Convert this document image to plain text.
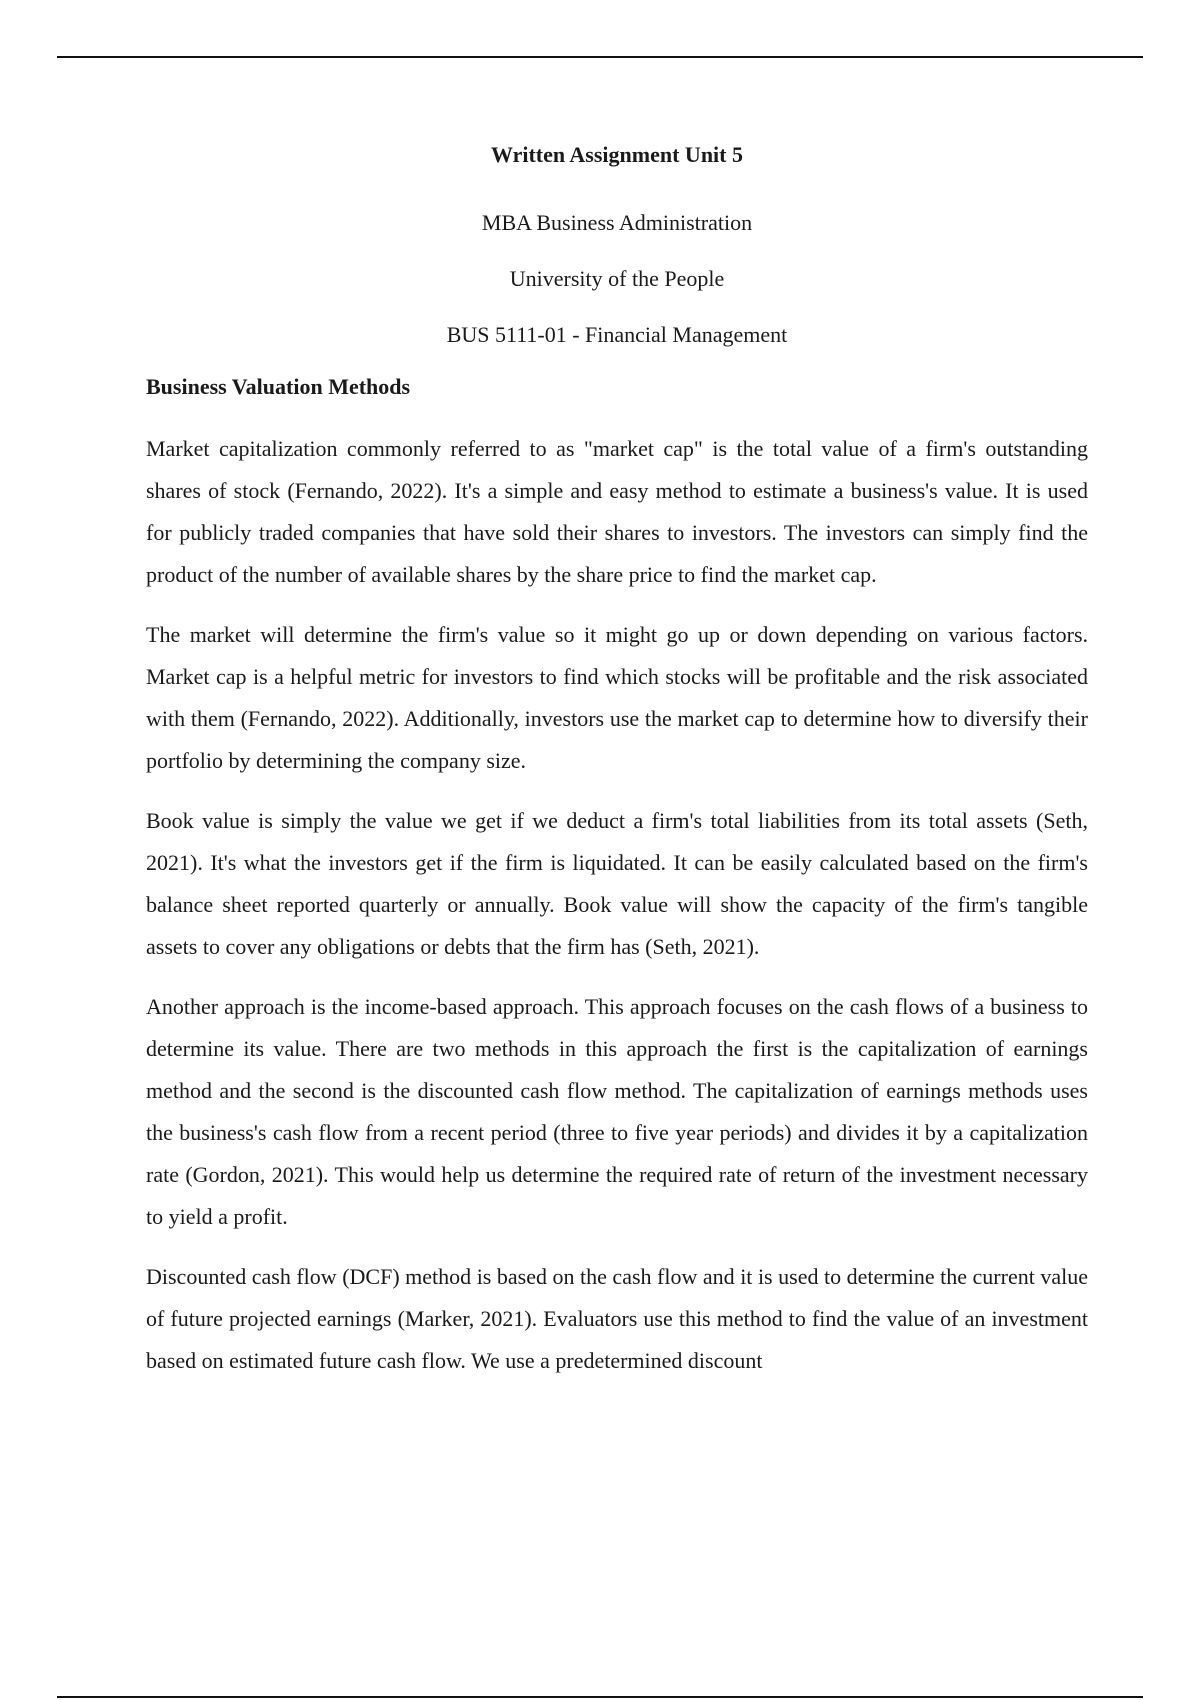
Written Assignment Unit 5

MBA Business Administration

University of the People

BUS 5111-01 - Financial Management

Business Valuation Methods

Market capitalization commonly referred to as "market cap" is the total value of a firm's outstanding shares of stock (Fernando, 2022). It's a simple and easy method to estimate a business's value. It is used for publicly traded companies that have sold their shares to investors. The investors can simply find the product of the number of available shares by the share price to find the market cap.

The market will determine the firm's value so it might go up or down depending on various factors. Market cap is a helpful metric for investors to find which stocks will be profitable and the risk associated with them (Fernando, 2022). Additionally, investors use the market cap to determine how to diversify their portfolio by determining the company size.

Book value is simply the value we get if we deduct a firm's total liabilities from its total assets (Seth, 2021). It's what the investors get if the firm is liquidated. It can be easily calculated based on the firm's balance sheet reported quarterly or annually. Book value will show the capacity of the firm's tangible assets to cover any obligations or debts that the firm has (Seth, 2021).

Another approach is the income-based approach. This approach focuses on the cash flows of a business to determine its value. There are two methods in this approach the first is the capitalization of earnings method and the second is the discounted cash flow method. The capitalization of earnings methods uses the business's cash flow from a recent period (three to five year periods) and divides it by a capitalization rate (Gordon, 2021). This would help us determine the required rate of return of the investment necessary to yield a profit.

Discounted cash flow (DCF) method is based on the cash flow and it is used to determine the current value of future projected earnings (Marker, 2021). Evaluators use this method to find the value of an investment based on estimated future cash flow. We use a predetermined discount
